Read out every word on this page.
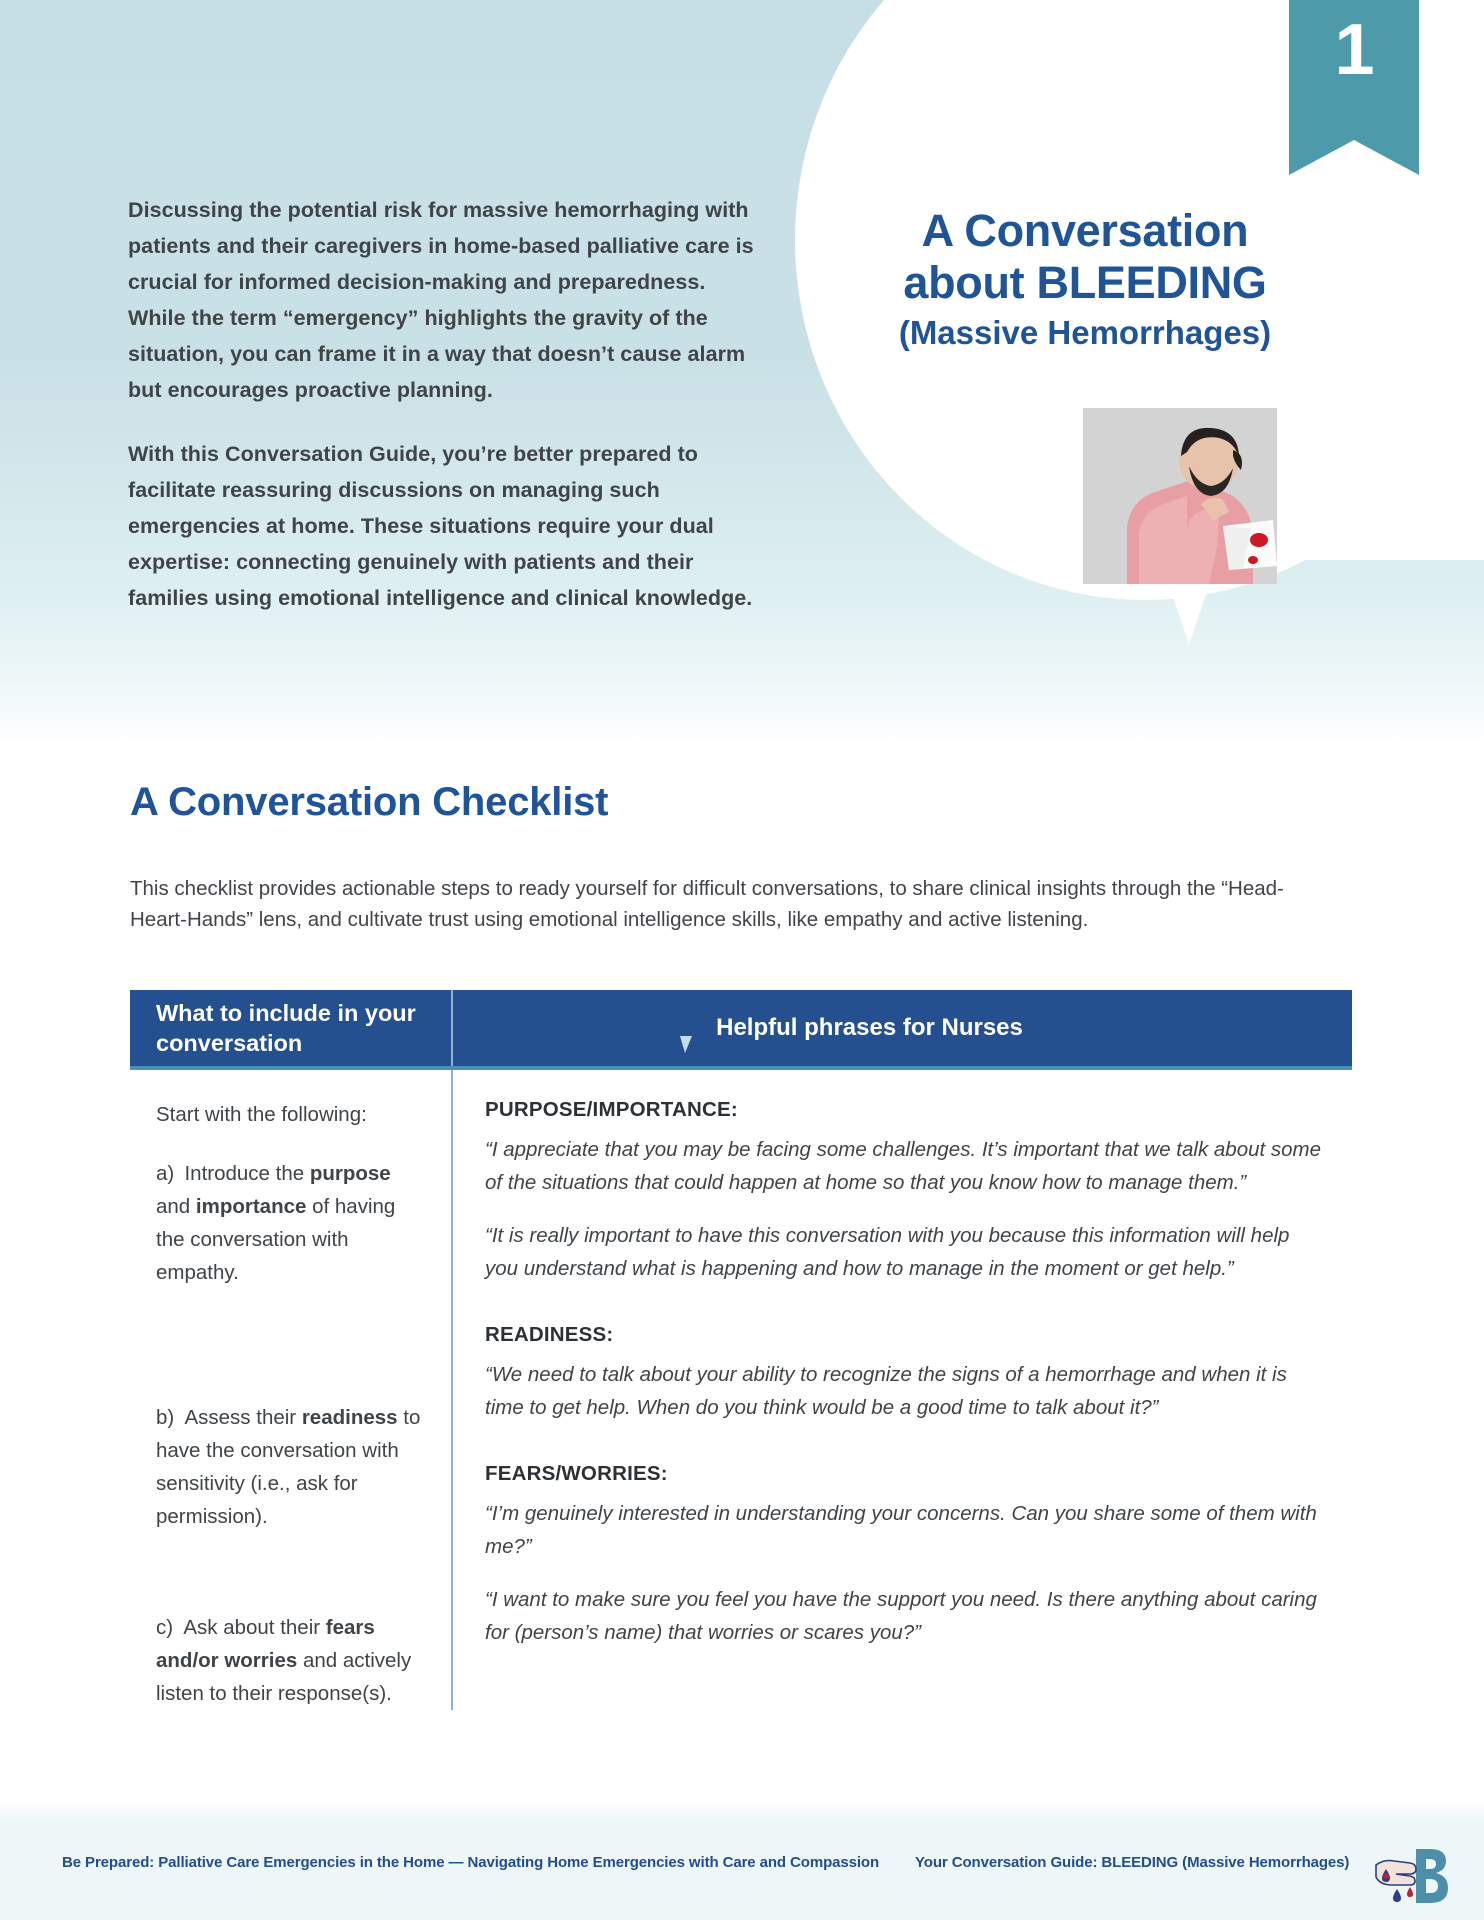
Discussing the potential risk for massive hemorrhaging with patients and their caregivers in home-based palliative care is crucial for informed decision-making and preparedness. While the term “emergency” highlights the gravity of the situation, you can frame it in a way that doesn’t cause alarm but encourages proactive planning.

With this Conversation Guide, you’re better prepared to facilitate reassuring discussions on managing such emergencies at home. These situations require your dual expertise: connecting genuinely with patients and their families using emotional intelligence and clinical knowledge.

A Conversation
about BLEEDING
(Massive Hemorrhages)
1
A Conversation Checklist

This checklist provides actionable steps to ready yourself for difficult conversations, to share clinical insights through the “Head-Heart-Hands” lens, and cultivate trust using emotional intelligence skills, like empathy and active listening.

What to include in your conversation
Helpful phrases for Nurses
Start with the following:
a) Introduce the purpose and importance of having the conversation with empathy.
b) Assess their readiness to have the conversation with sensitivity (i.e., ask for permission).
c) Ask about their fears and/or worries and actively listen to their response(s).
PURPOSE/IMPORTANCE:
“I appreciate that you may be facing some challenges. It’s important that we talk about some of the situations that could happen at home so that you know how to manage them.”
“It is really important to have this conversation with you because this information will help you understand what is happening and how to manage in the moment or get help.”
READINESS:
“We need to talk about your ability to recognize the signs of a hemorrhage and when it is time to get help. When do you think would be a good time to talk about it?”
FEARS/WORRIES:
“I’m genuinely interested in understanding your concerns. Can you share some of them with me?”
“I want to make sure you feel you have the support you need. Is there anything about caring for (person’s name) that worries or scares you?”
Be Prepared: Palliative Care Emergencies in the Home — Navigating Home Emergencies with Care and Compassion Your Conversation Guide: BLEEDING (Massive Hemorrhages)
